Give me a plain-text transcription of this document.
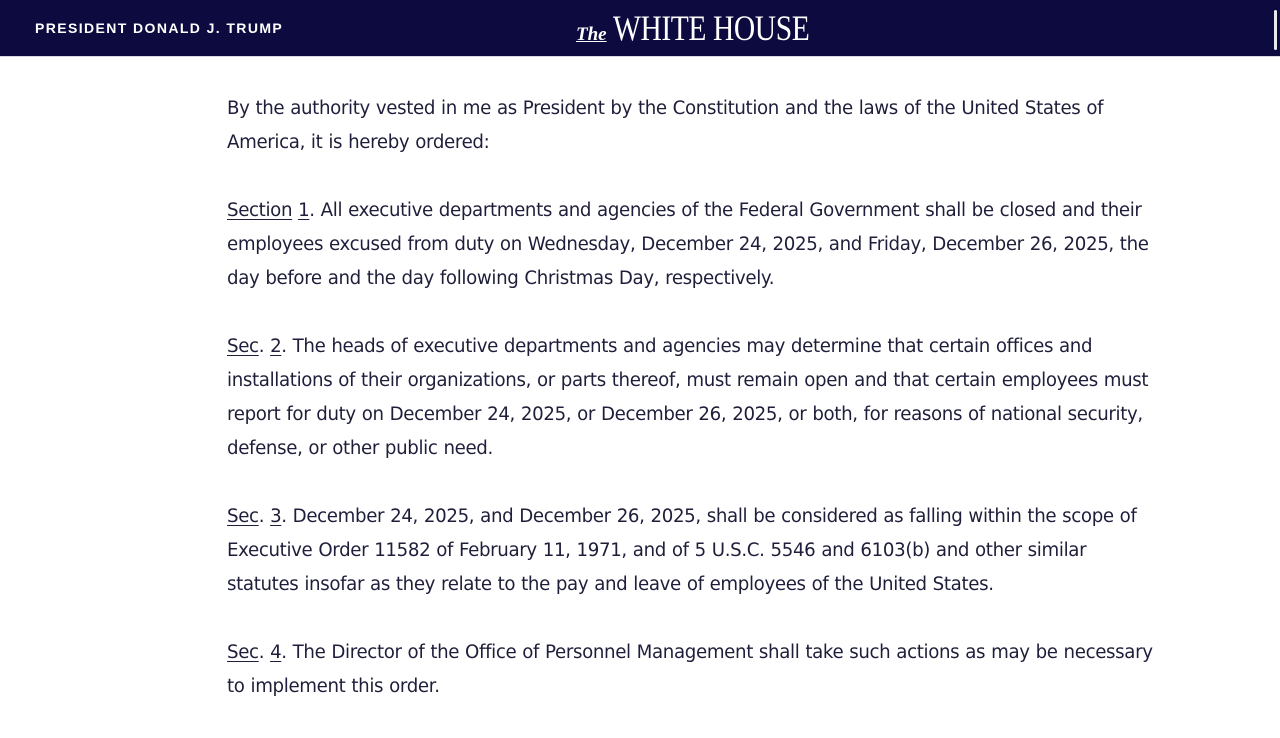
PRESIDENT DONALD J. TRUMP	The WHITE HOUSE

By the authority vested in me as President by the Constitution and the laws of the United States of America, it is hereby ordered:

Section 1. All executive departments and agencies of the Federal Government shall be closed and their employees excused from duty on Wednesday, December 24, 2025, and Friday, December 26, 2025, the day before and the day following Christmas Day, respectively.

Sec. 2. The heads of executive departments and agencies may determine that certain offices and installations of their organizations, or parts thereof, must remain open and that certain employees must report for duty on December 24, 2025, or December 26, 2025, or both, for reasons of national security, defense, or other public need.

Sec. 3. December 24, 2025, and December 26, 2025, shall be considered as falling within the scope of Executive Order 11582 of February 11, 1971, and of 5 U.S.C. 5546 and 6103(b) and other similar statutes insofar as they relate to the pay and leave of employees of the United States.

Sec. 4. The Director of the Office of Personnel Management shall take such actions as may be necessary to implement this order.
